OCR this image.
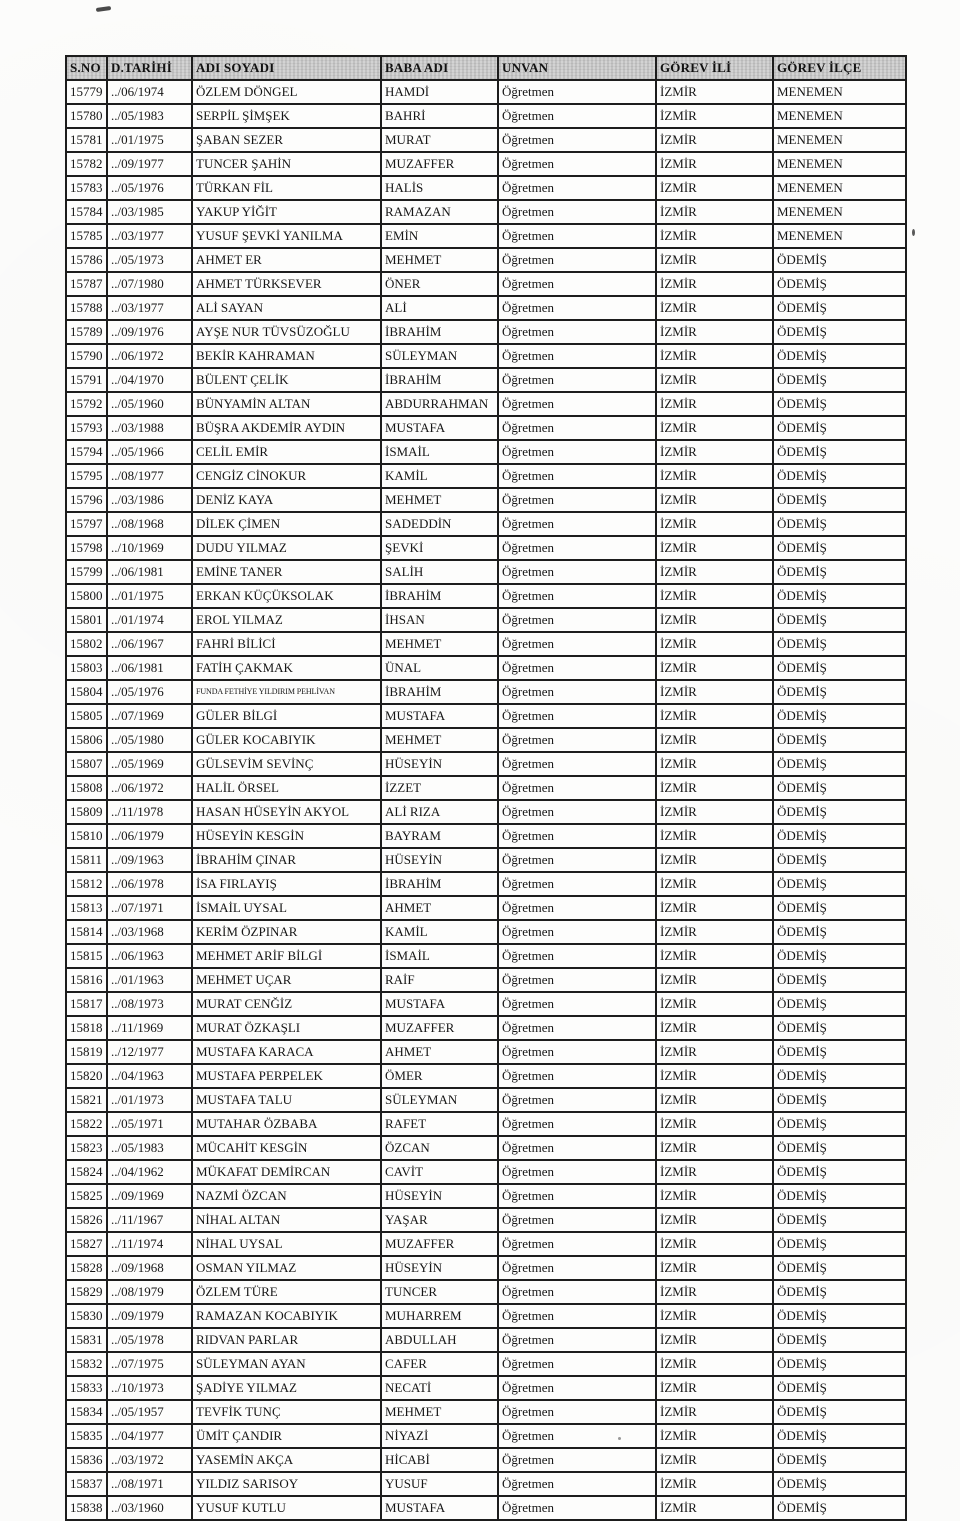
S.NO	D.TARİHİ	ADI SOYADI	BABA ADI	UNVAN	GÖREV İLİ	GÖREV İLÇE
15779	../06/1974	ÖZLEM DÖNGEL	HAMDİ	Öğretmen	İZMİR	MENEMEN
15780	../05/1983	SERPİL ŞİMŞEK	BAHRİ	Öğretmen	İZMİR	MENEMEN
15781	../01/1975	ŞABAN SEZER	MURAT	Öğretmen	İZMİR	MENEMEN
15782	../09/1977	TUNCER ŞAHİN	MUZAFFER	Öğretmen	İZMİR	MENEMEN
15783	../05/1976	TÜRKAN FİL	HALİS	Öğretmen	İZMİR	MENEMEN
15784	../03/1985	YAKUP YİĞİT	RAMAZAN	Öğretmen	İZMİR	MENEMEN
15785	../03/1977	YUSUF ŞEVKİ YANILMA	EMİN	Öğretmen	İZMİR	MENEMEN
15786	../05/1973	AHMET ER	MEHMET	Öğretmen	İZMİR	ÖDEMİŞ
15787	../07/1980	AHMET TÜRKSEVER	ÖNER	Öğretmen	İZMİR	ÖDEMİŞ
15788	../03/1977	ALİ SAYAN	ALİ	Öğretmen	İZMİR	ÖDEMİŞ
15789	../09/1976	AYŞE NUR TÜVSÜZOĞLU	İBRAHİM	Öğretmen	İZMİR	ÖDEMİŞ
15790	../06/1972	BEKİR KAHRAMAN	SÜLEYMAN	Öğretmen	İZMİR	ÖDEMİŞ
15791	../04/1970	BÜLENT ÇELİK	İBRAHİM	Öğretmen	İZMİR	ÖDEMİŞ
15792	../05/1960	BÜNYAMİN ALTAN	ABDURRAHMAN	Öğretmen	İZMİR	ÖDEMİŞ
15793	../03/1988	BÜŞRA AKDEMİR AYDIN	MUSTAFA	Öğretmen	İZMİR	ÖDEMİŞ
15794	../05/1966	CELİL EMİR	İSMAİL	Öğretmen	İZMİR	ÖDEMİŞ
15795	../08/1977	CENGİZ CİNOKUR	KAMİL	Öğretmen	İZMİR	ÖDEMİŞ
15796	../03/1986	DENİZ KAYA	MEHMET	Öğretmen	İZMİR	ÖDEMİŞ
15797	../08/1968	DİLEK ÇİMEN	SADEDDİN	Öğretmen	İZMİR	ÖDEMİŞ
15798	../10/1969	DUDU YILMAZ	ŞEVKİ	Öğretmen	İZMİR	ÖDEMİŞ
15799	../06/1981	EMİNE TANER	SALİH	Öğretmen	İZMİR	ÖDEMİŞ
15800	../01/1975	ERKAN KÜÇÜKSOLAK	İBRAHİM	Öğretmen	İZMİR	ÖDEMİŞ
15801	../01/1974	EROL YILMAZ	İHSAN	Öğretmen	İZMİR	ÖDEMİŞ
15802	../06/1967	FAHRİ BİLİCİ	MEHMET	Öğretmen	İZMİR	ÖDEMİŞ
15803	../06/1981	FATİH ÇAKMAK	ÜNAL	Öğretmen	İZMİR	ÖDEMİŞ
15804	../05/1976	FUNDA FETHİYE YILDIRIM PEHLİVAN	İBRAHİM	Öğretmen	İZMİR	ÖDEMİŞ
15805	../07/1969	GÜLER BİLGİ	MUSTAFA	Öğretmen	İZMİR	ÖDEMİŞ
15806	../05/1980	GÜLER KOCABIYIK	MEHMET	Öğretmen	İZMİR	ÖDEMİŞ
15807	../05/1969	GÜLSEVİM SEVİNÇ	HÜSEYİN	Öğretmen	İZMİR	ÖDEMİŞ
15808	../06/1972	HALİL ÖRSEL	İZZET	Öğretmen	İZMİR	ÖDEMİŞ
15809	../11/1978	HASAN HÜSEYİN AKYOL	ALİ RIZA	Öğretmen	İZMİR	ÖDEMİŞ
15810	../06/1979	HÜSEYİN KESGİN	BAYRAM	Öğretmen	İZMİR	ÖDEMİŞ
15811	../09/1963	İBRAHİM ÇINAR	HÜSEYİN	Öğretmen	İZMİR	ÖDEMİŞ
15812	../06/1978	İSA FIRLAYIŞ	İBRAHİM	Öğretmen	İZMİR	ÖDEMİŞ
15813	../07/1971	İSMAİL UYSAL	AHMET	Öğretmen	İZMİR	ÖDEMİŞ
15814	../03/1968	KERİM ÖZPINAR	KAMİL	Öğretmen	İZMİR	ÖDEMİŞ
15815	../06/1963	MEHMET ARİF BİLGİ	İSMAİL	Öğretmen	İZMİR	ÖDEMİŞ
15816	../01/1963	MEHMET UÇAR	RAİF	Öğretmen	İZMİR	ÖDEMİŞ
15817	../08/1973	MURAT CENĞİZ	MUSTAFA	Öğretmen	İZMİR	ÖDEMİŞ
15818	../11/1969	MURAT ÖZKAŞLI	MUZAFFER	Öğretmen	İZMİR	ÖDEMİŞ
15819	../12/1977	MUSTAFA KARACA	AHMET	Öğretmen	İZMİR	ÖDEMİŞ
15820	../04/1963	MUSTAFA PERPELEK	ÖMER	Öğretmen	İZMİR	ÖDEMİŞ
15821	../01/1973	MUSTAFA TALU	SÜLEYMAN	Öğretmen	İZMİR	ÖDEMİŞ
15822	../05/1971	MUTAHAR ÖZBABA	RAFET	Öğretmen	İZMİR	ÖDEMİŞ
15823	../05/1983	MÜCAHİT KESGİN	ÖZCAN	Öğretmen	İZMİR	ÖDEMİŞ
15824	../04/1962	MÜKAFAT DEMİRCAN	CAVİT	Öğretmen	İZMİR	ÖDEMİŞ
15825	../09/1969	NAZMİ ÖZCAN	HÜSEYİN	Öğretmen	İZMİR	ÖDEMİŞ
15826	../11/1967	NİHAL ALTAN	YAŞAR	Öğretmen	İZMİR	ÖDEMİŞ
15827	../11/1974	NİHAL UYSAL	MUZAFFER	Öğretmen	İZMİR	ÖDEMİŞ
15828	../09/1968	OSMAN YILMAZ	HÜSEYİN	Öğretmen	İZMİR	ÖDEMİŞ
15829	../08/1979	ÖZLEM TÜRE	TUNCER	Öğretmen	İZMİR	ÖDEMİŞ
15830	../09/1979	RAMAZAN KOCABIYIK	MUHARREM	Öğretmen	İZMİR	ÖDEMİŞ
15831	../05/1978	RIDVAN PARLAR	ABDULLAH	Öğretmen	İZMİR	ÖDEMİŞ
15832	../07/1975	SÜLEYMAN AYAN	CAFER	Öğretmen	İZMİR	ÖDEMİŞ
15833	../10/1973	ŞADİYE YILMAZ	NECATİ	Öğretmen	İZMİR	ÖDEMİŞ
15834	../05/1957	TEVFİK TUNÇ	MEHMET	Öğretmen	İZMİR	ÖDEMİŞ
15835	../04/1977	ÜMİT ÇANDIR	NİYAZİ	Öğretmen	İZMİR	ÖDEMİŞ
15836	../03/1972	YASEMİN AKÇA	HİCABİ	Öğretmen	İZMİR	ÖDEMİŞ
15837	../08/1971	YILDIZ SARISOY	YUSUF	Öğretmen	İZMİR	ÖDEMİŞ
15838	../03/1960	YUSUF KUTLU	MUSTAFA	Öğretmen	İZMİR	ÖDEMİŞ
